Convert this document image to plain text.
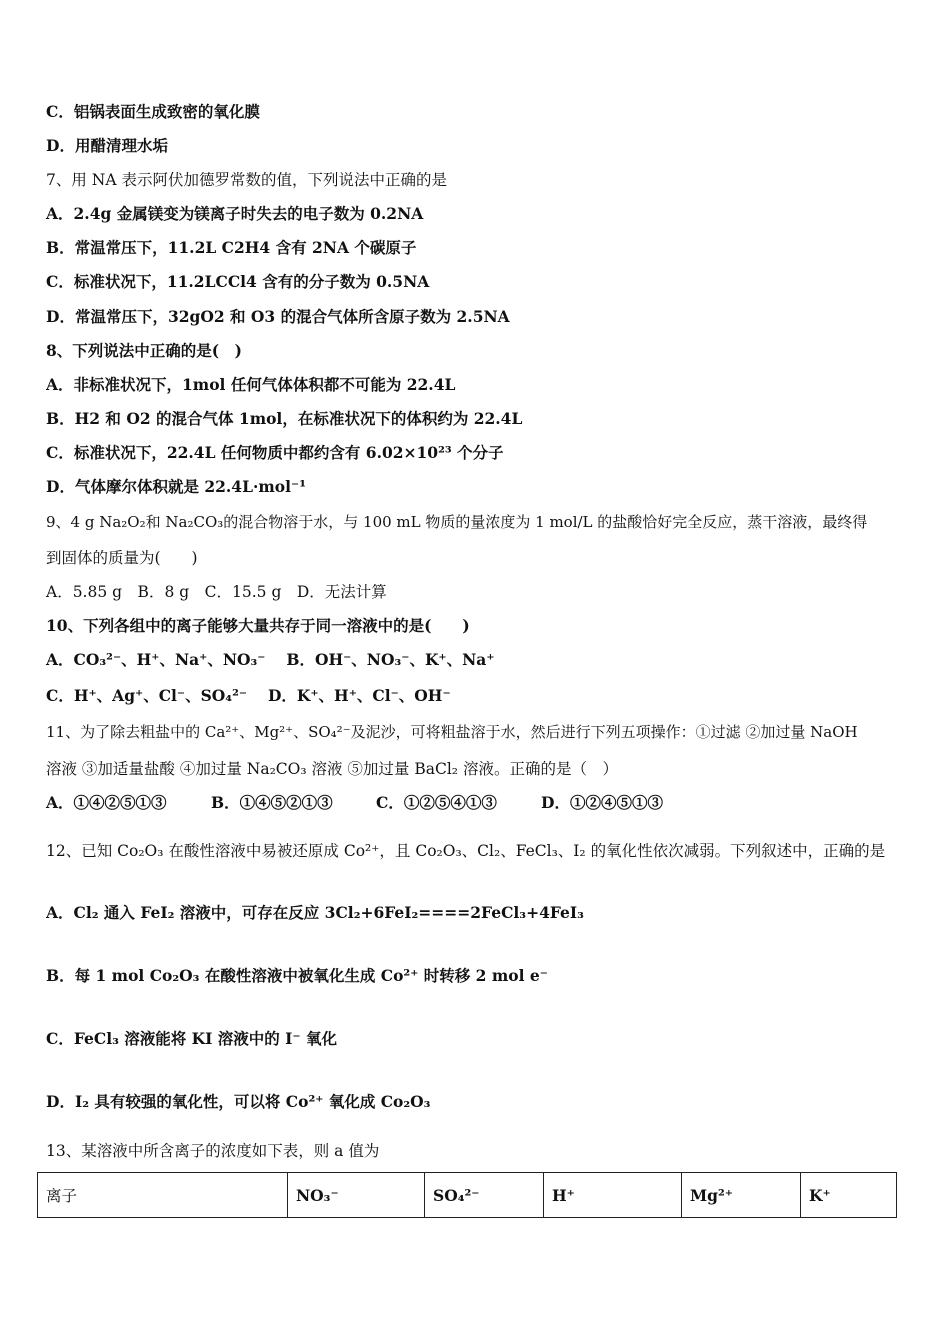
C．铝锅表面生成致密的氧化膜
D．用醋清理水垢
7、用 NA 表示阿伏加德罗常数的值，下列说法中正确的是
A．2.4g 金属镁变为镁离子时失去的电子数为 0.2NA
B．常温常压下，11.2L C2H4 含有 2NA 个碳原子
C．标准状况下，11.2LCCl4 含有的分子数为 0.5NA
D．常温常压下，32gO2 和 O3 的混合气体所含原子数为 2.5NA
8、下列说法中正确的是(　)
A．非标准状况下，1mol 任何气体体积都不可能为 22.4L
B．H2 和 O2 的混合气体 1mol，在标准状况下的体积约为 22.4L
C．标准状况下，22.4L 任何物质中都约含有 6.02×10²³ 个分子
D．气体摩尔体积就是 22.4L·mol⁻¹
9、4 g Na₂O₂和 Na₂CO₃的混合物溶于水，与 100 mL 物质的量浓度为 1 mol/L 的盐酸恰好完全反应，蒸干溶液，最终得
到固体的质量为(　　)
A．5.85 g　B．8 g　C．15.5 g　D．无法计算
10、下列各组中的离子能够大量共存于同一溶液中的是(　　)
A．CO₃²⁻、H⁺、Na⁺、NO₃⁻　 B．OH⁻、NO₃⁻、K⁺、Na⁺
C．H⁺、Ag⁺、Cl⁻、SO₄²⁻　 D．K⁺、H⁺、Cl⁻、OH⁻
11、为了除去粗盐中的 Ca²⁺、Mg²⁺、SO₄²⁻及泥沙，可将粗盐溶于水，然后进行下列五项操作：①过滤 ②加过量 NaOH
溶液 ③加适量盐酸 ④加过量 Na₂CO₃ 溶液 ⑤加过量 BaCl₂ 溶液。正确的是（　）
A．①④②⑤①③	B．①④⑤②①③	C．①②⑤④①③	D．①②④⑤①③
12、已知 Co₂O₃ 在酸性溶液中易被还原成 Co²⁺，且 Co₂O₃、Cl₂、FeCl₃、I₂ 的氧化性依次减弱。下列叙述中，正确的是
A．Cl₂ 通入 FeI₂ 溶液中，可存在反应 3Cl₂+6FeI₂====2FeCl₃+4FeI₃
B．每 1 mol Co₂O₃ 在酸性溶液中被氧化生成 Co²⁺ 时转移 2 mol e⁻
C．FeCl₃ 溶液能将 KI 溶液中的 I⁻ 氧化
D．I₂ 具有较强的氧化性，可以将 Co²⁺ 氧化成 Co₂O₃
13、某溶液中所含离子的浓度如下表，则 a 值为
离子	NO₃⁻	SO₄²⁻	H⁺	Mg²⁺	K⁺
